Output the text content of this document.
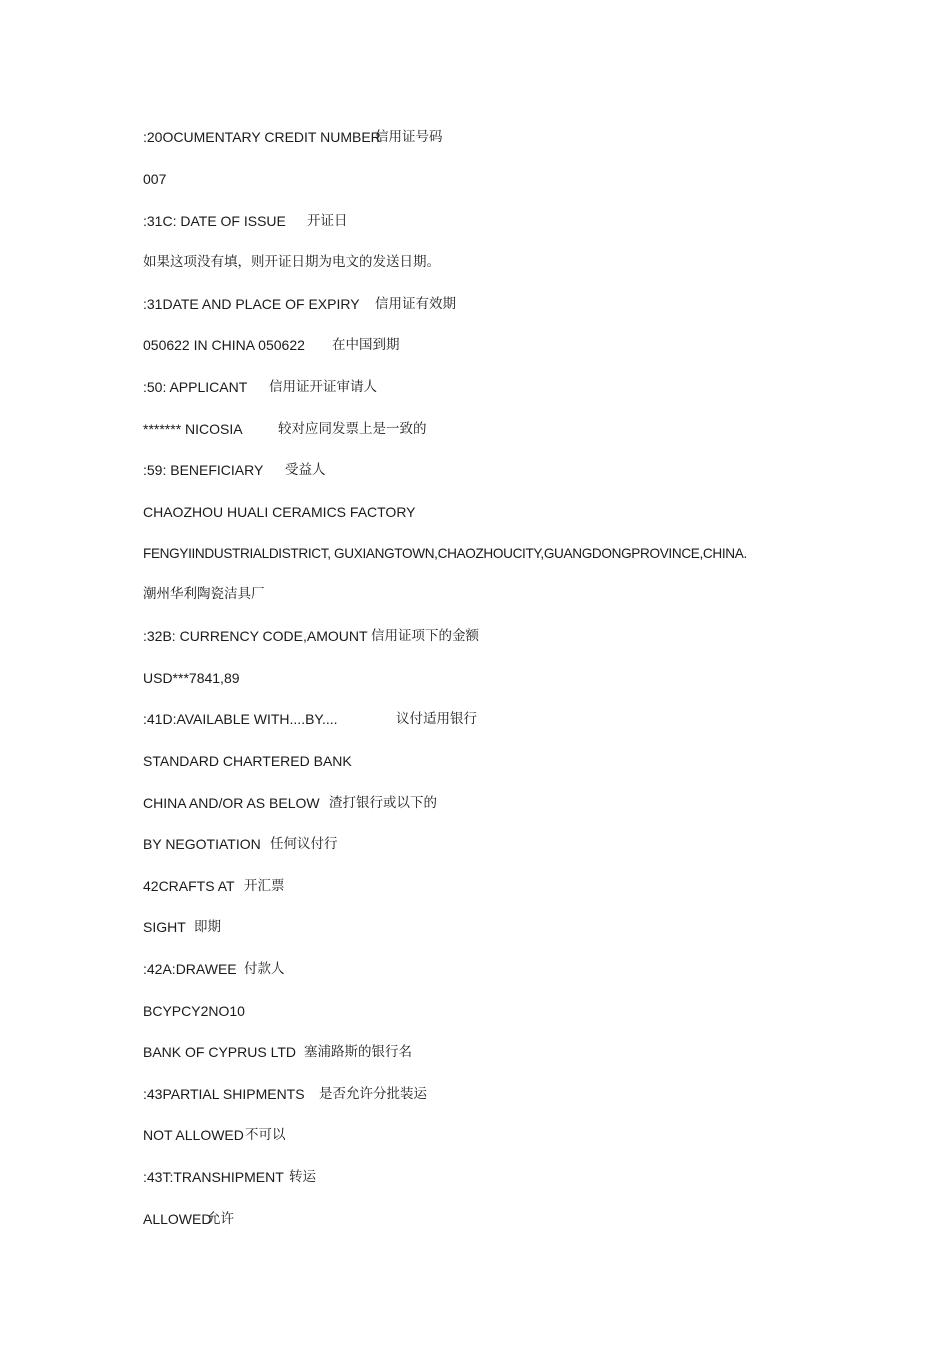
:20OCUMENTARY CREDIT NUMBER
信用证号码
007
:31C: DATE OF ISSUE 开证日
如果这项没有填，则开证日期为电文的发送日期。
:31DATE AND PLACE OF EXPIRY 信用证有效期
050622 IN CHINA 050622 在中国到期
:50: APPLICANT 信用证开证审请人
******* NICOSIA	较对应同发票上是一致的
:59: BENEFICIARY 受益人
CHAOZHOU HUALI CERAMICS FACTORY
FENGYIINDUSTRIALDISTRICT, GUXIANGTOWN,CHAOZHOUCITY,GUANGDONGPROVINCE,CHINA.
潮州华利陶瓷洁具厂
:32B: CURRENCY CODE,AMOUNT 信用证项下的金额
USD***7841,89
:41D:AVAILABLE WITH....BY....	议付适用银行
STANDARD CHARTERED BANK
CHINA AND/OR AS BELOW 渣打银行或以下的
BY NEGOTIATION 任何议付行
42CRAFTS AT 开汇票
SIGHT 即期
:42A:DRAWEE 付款人
BCYPCY2NO10
BANK OF CYPRUS LTD 塞浦路斯的银行名
:43PARTIAL SHIPMENTS 是否允许分批装运
NOT ALLOWED 不可以
:43T:TRANSHIPMENT 转运
ALLOWED
允许
